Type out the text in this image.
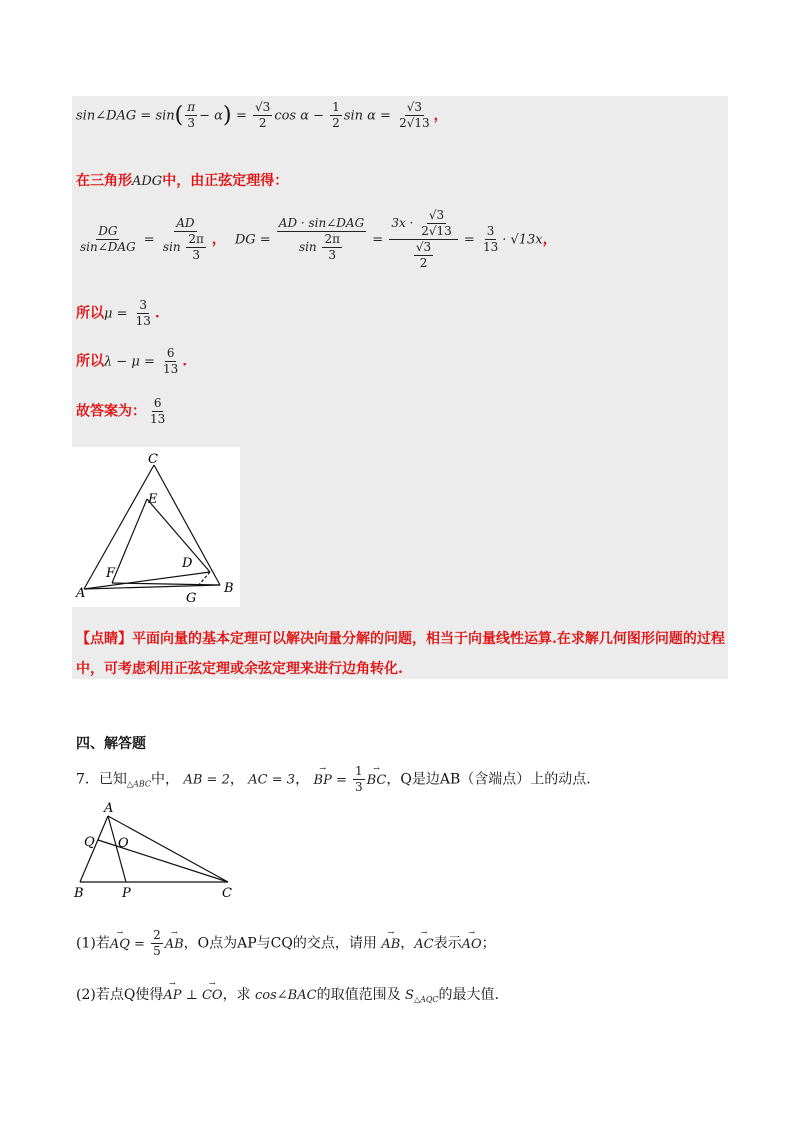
sin∠DAG = $\sin( \frac{\pi}{3} - \alpha) = \frac{√3}{2}$ $\cos \alpha - \frac{1}{2}$ $\sin \alpha = \frac{√3}{2√13}$ ，
在三角形ADG中，由正弦定理得：
$\frac{DG}{\text{sin∠DAG}} = \frac{AD}{\sin \frac{2\pi}{3}}$ ， DG = $\frac{\text{AD · sin∠DAG}}{\sin \frac{2\pi}{3}} = \frac{3x \cdot \frac{√3}{2√13}}{\frac{√3}{2}} = \frac{3}{13} \cdot √13x$，
所以$\mu = \frac{3}{13}$ .
所以$\lambda - \mu = \frac{6}{13}$ .
故答案为： $\frac{6}{13}$
C
E
D
F
A	G
B
【点睛】平面向量的基本定理可以解决向量分解的问题，相当于向量线性运算.在求解几何图形问题的过程
中，可考虑利用正弦定理或余弦定理来进行边角转化.
四、解答题
7．已知$_{\triangle ABC}$中， AB = 2， AC = 3， → BP = $\frac{1}{3}$ → BC，Q是边AB（含端点）上的动点.
A
Q O
B	P	C
(1)若→ AQ = $\frac{2}{5}$ → AB，O点为AP与CQ的交点，请用 → AB，→ AC表示→ AO；
(2)若点Q使得→ AP ⊥ → CO，求 cos∠BAC的取值范围及 $S_{\triangle AQC}$的最大值.
